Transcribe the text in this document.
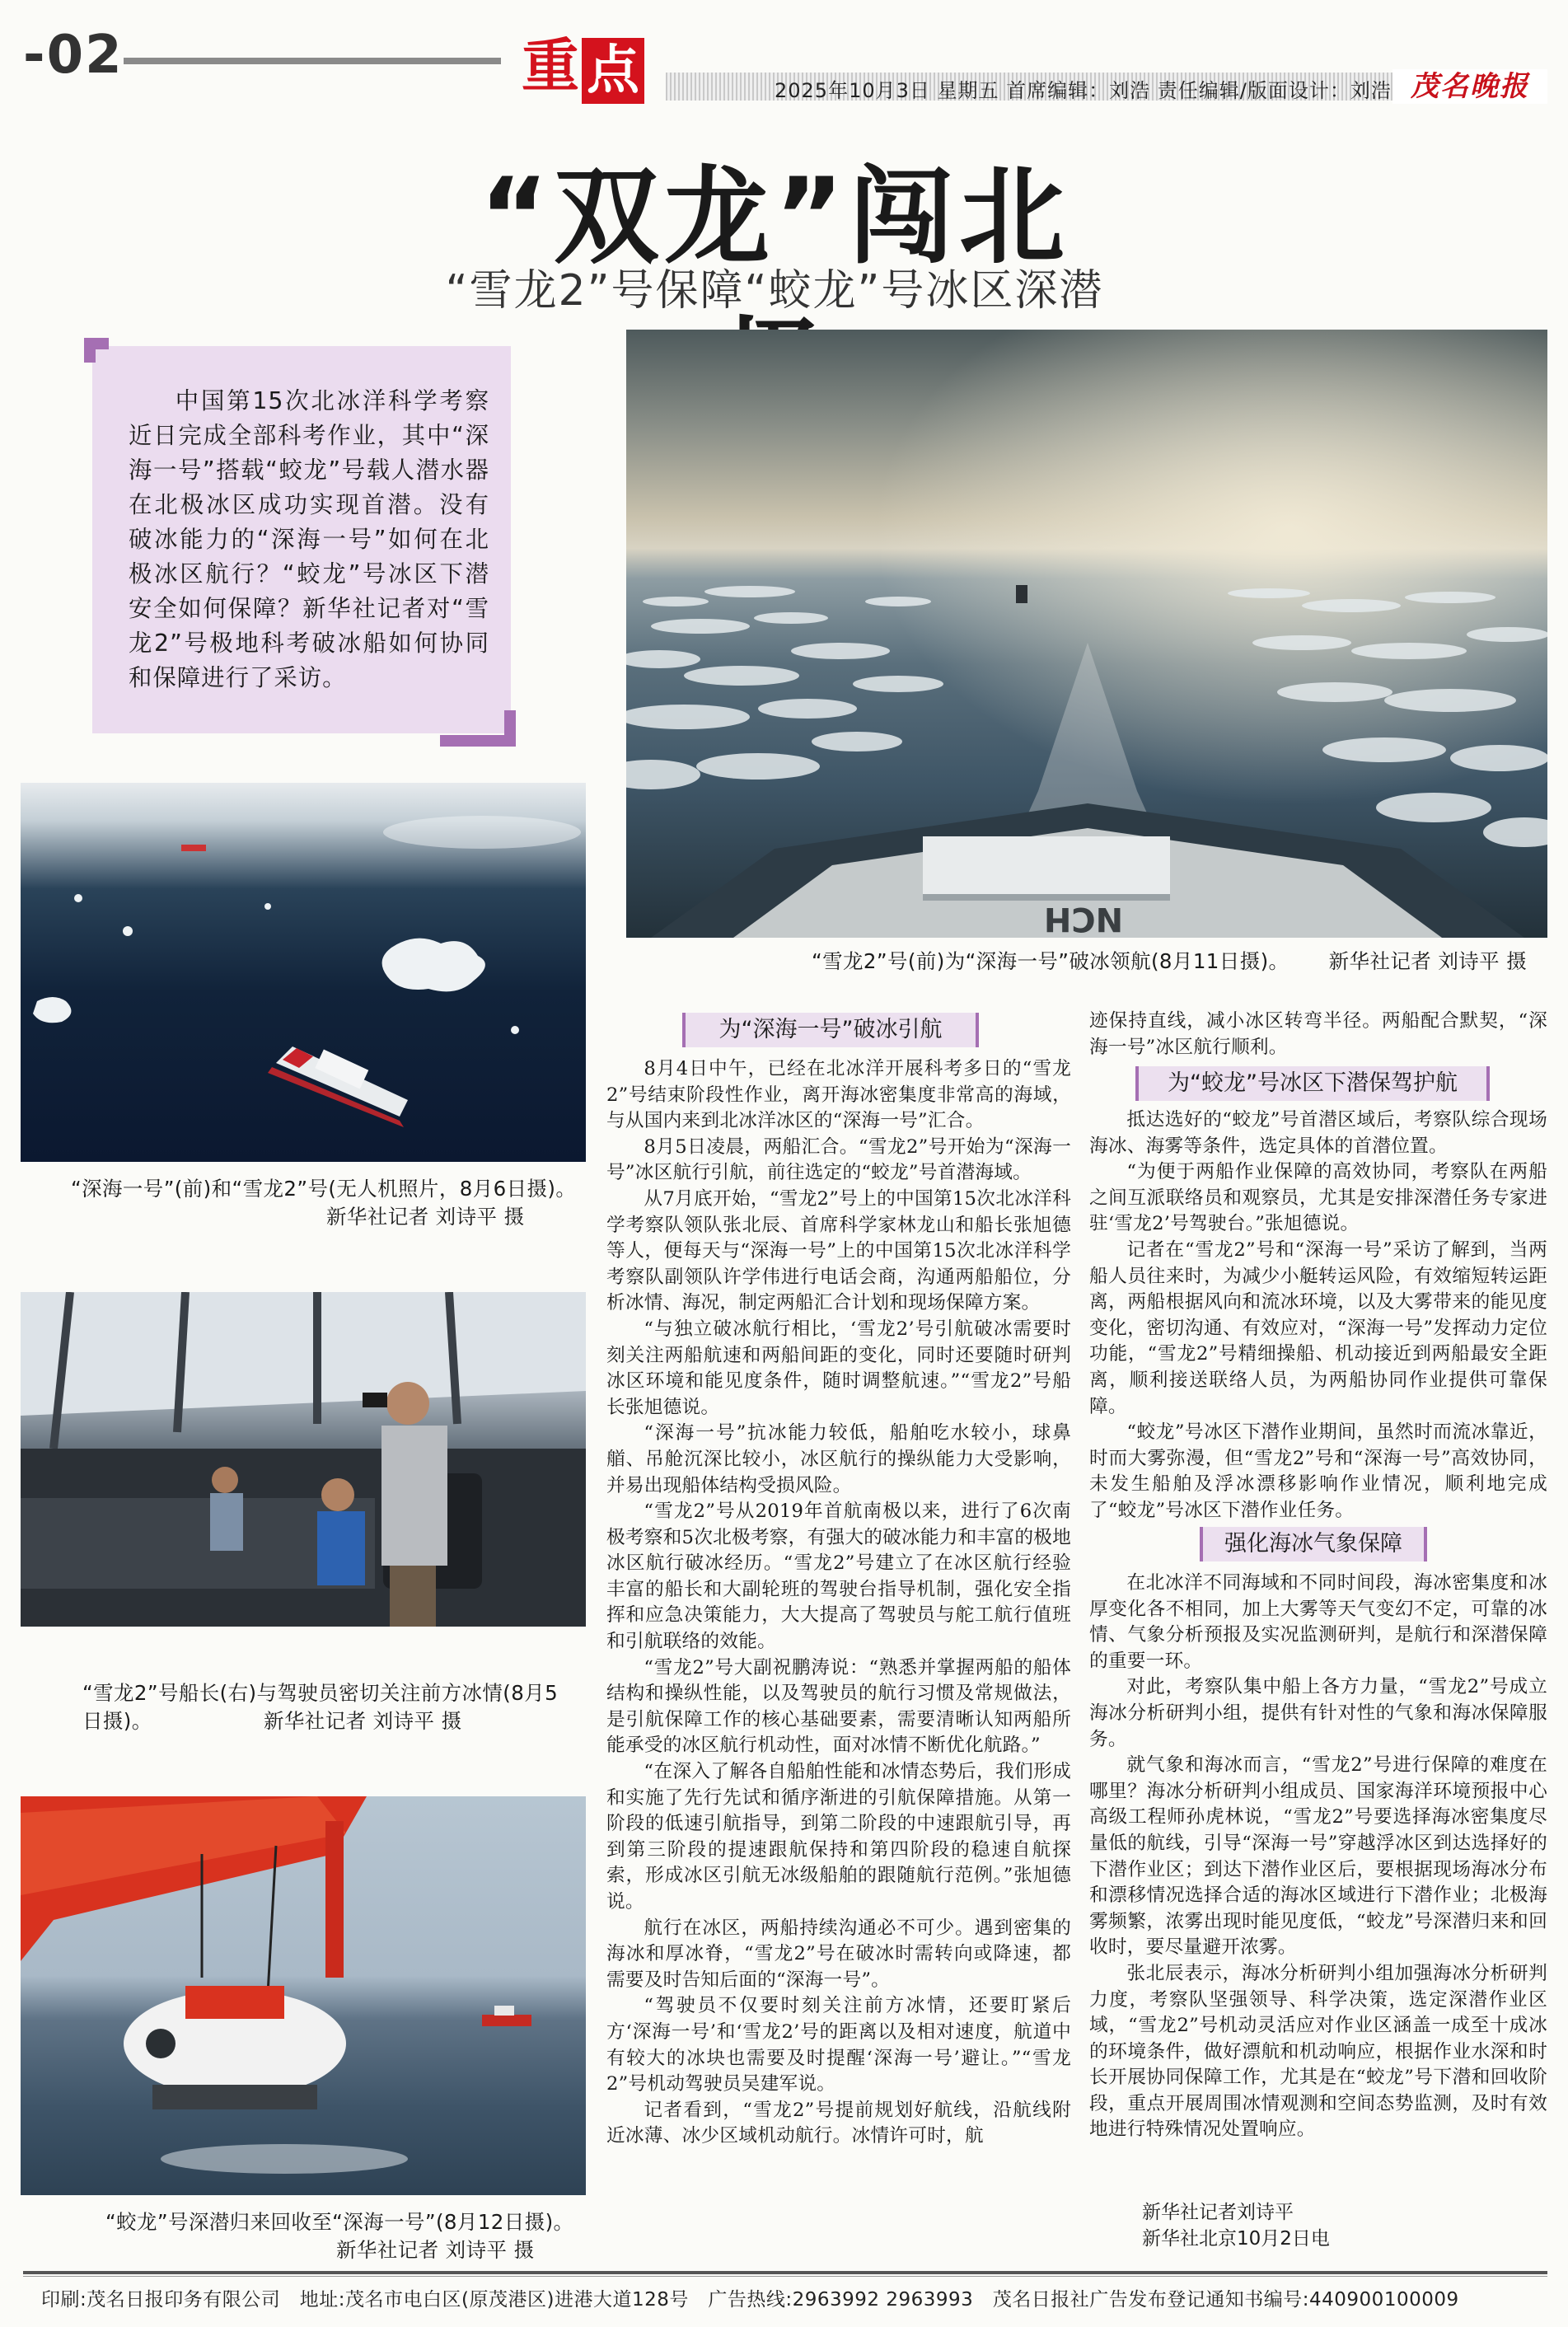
-02	重 点	2025年10月3日 星期五 首席编辑：刘浩 责任编辑/版面设计：刘浩 茂名晚报
“双龙”闯北
“雪龙2”号保障“蛟龙”号冰区深潜

中国第15次北冰洋科学考察近日完成全部科考作业，其中“深海一号”搭载“蛟龙”号载人潜水器在北极冰区成功实现首潜。没有破冰能力的“深海一号”如何在北极冰区航行？“蛟龙”号冰区下潜安全如何保障？新华社记者对“雪龙2”号极地科考破冰船如何协同和保障进行了采访。

NCH
“雪龙2”号(前)为“深海一号”破冰领航(8月11日摄)。 新华社记者 刘诗平 摄
“深海一号”(前)和“雪龙2”号(无人机照片，8月6日摄)。
新华社记者 刘诗平 摄
“雪龙2”号船长(右)与驾驶员密切关注前方冰情(8月5日摄)。	新华社记者 刘诗平 摄
“蛟龙”号深潜归来回收至“深海一号”(8月12日摄)。
新华社记者 刘诗平 摄
为“深海一号”破冰引航
为“蛟龙”号冰区下潜保驾护航
强化海冰气象保障

8月4日中午，已经在北冰洋开展科考多日的“雪龙2”号结束阶段性作业，离开海冰密集度非常高的海域，与从国内来到北冰洋冰区的“深海一号”汇合。

8月5日凌晨，两船汇合。“雪龙2”号开始为“深海一号”冰区航行引航，前往选定的“蛟龙”号首潜海域。

从7月底开始，“雪龙2”号上的中国第15次北冰洋科学考察队领队张北辰、首席科学家林龙山和船长张旭德等人，便每天与“深海一号”上的中国第15次北冰洋科学考察队副领队许学伟进行电话会商，沟通两船船位，分析冰情、海况，制定两船汇合计划和现场保障方案。

“与独立破冰航行相比，‘雪龙2’号引航破冰需要时刻关注两船航速和两船间距的变化，同时还要随时研判冰区环境和能见度条件，随时调整航速。”“雪龙2”号船长张旭德说。

“深海一号”抗冰能力较低，船舶吃水较小，球鼻艏、吊舱沉深比较小，冰区航行的操纵能力大受影响，并易出现船体结构受损风险。

“雪龙2”号从2019年首航南极以来，进行了6次南极考察和5次北极考察，有强大的破冰能力和丰富的极地冰区航行破冰经历。“雪龙2”号建立了在冰区航行经验丰富的船长和大副轮班的驾驶台指导机制，强化安全指挥和应急决策能力，大大提高了驾驶员与舵工航行值班和引航联络的效能。

“雪龙2”号大副祝鹏涛说：“熟悉并掌握两船的船体结构和操纵性能，以及驾驶员的航行习惯及常规做法，是引航保障工作的核心基础要素，需要清晰认知两船所能承受的冰区航行机动性，面对冰情不断优化航路。”

“在深入了解各自船舶性能和冰情态势后，我们形成和实施了先行先试和循序渐进的引航保障措施。从第一阶段的低速引航指导，到第二阶段的中速跟航引导，再到第三阶段的提速跟航保持和第四阶段的稳速自航探索，形成冰区引航无冰级船舶的跟随航行范例。”张旭德说。

航行在冰区，两船持续沟通必不可少。遇到密集的海冰和厚冰脊，“雪龙2”号在破冰时需转向或降速，都需要及时告知后面的“深海一号”。

“驾驶员不仅要时刻关注前方冰情，还要盯紧后方‘深海一号’和‘雪龙2’号的距离以及相对速度，航道中有较大的冰块也需要及时提醒‘深海一号’避让。”“雪龙2”号机动驾驶员吴建军说。

记者看到，“雪龙2”号提前规划好航线，沿航线附近冰薄、冰少区域机动航行。冰情许可时，航

迹保持直线，减小冰区转弯半径。两船配合默契，“深海一号”冰区航行顺利。

抵达选好的“蛟龙”号首潜区域后，考察队综合现场海冰、海雾等条件，选定具体的首潜位置。

“为便于两船作业保障的高效协同，考察队在两船之间互派联络员和观察员，尤其是安排深潜任务专家进驻‘雪龙2’号驾驶台。”张旭德说。

记者在“雪龙2”号和“深海一号”采访了解到，当两船人员往来时，为减少小艇转运风险，有效缩短转运距离，两船根据风向和流冰环境，以及大雾带来的能见度变化，密切沟通、有效应对，“深海一号”发挥动力定位功能，“雪龙2”号精细操船、机动接近到两船最安全距离，顺利接送联络人员，为两船协同作业提供可靠保障。

“蛟龙”号冰区下潜作业期间，虽然时而流冰靠近，时而大雾弥漫，但“雪龙2”号和“深海一号”高效协同，未发生船舶及浮冰漂移影响作业情况，顺利地完成了“蛟龙”号冰区下潜作业任务。

在北冰洋不同海域和不同时间段，海冰密集度和冰厚变化各不相同，加上大雾等天气变幻不定，可靠的冰情、气象分析预报及实况监测研判，是航行和深潜保障的重要一环。

对此，考察队集中船上各方力量，“雪龙2”号成立海冰分析研判小组，提供有针对性的气象和海冰保障服务。

就气象和海冰而言，“雪龙2”号进行保障的难度在哪里？海冰分析研判小组成员、国家海洋环境预报中心高级工程师孙虎林说，“雪龙2”号要选择海冰密集度尽量低的航线，引导“深海一号”穿越浮冰区到达选择好的下潜作业区；到达下潜作业区后，要根据现场海冰分布和漂移情况选择合适的海冰区域进行下潜作业；北极海雾频繁，浓雾出现时能见度低，“蛟龙”号深潜归来和回收时，要尽量避开浓雾。

张北辰表示，海冰分析研判小组加强海冰分析研判力度，考察队坚强领导、科学决策，选定深潜作业区域，“雪龙2”号机动灵活应对作业区涵盖一成至十成冰的环境条件，做好漂航和机动响应，根据作业水深和时长开展协同保障工作，尤其是在“蛟龙”号下潜和回收阶段，重点开展周围冰情观测和空间态势监测，及时有效地进行特殊情况处置响应。

新华社记者刘诗平
新华社北京10月2日电
印刷:茂名日报印务有限公司　地址:茂名市电白区(原茂港区)进港大道128号　广告热线:2963992 2963993　茂名日报社广告发布登记通知书编号:440900100009
